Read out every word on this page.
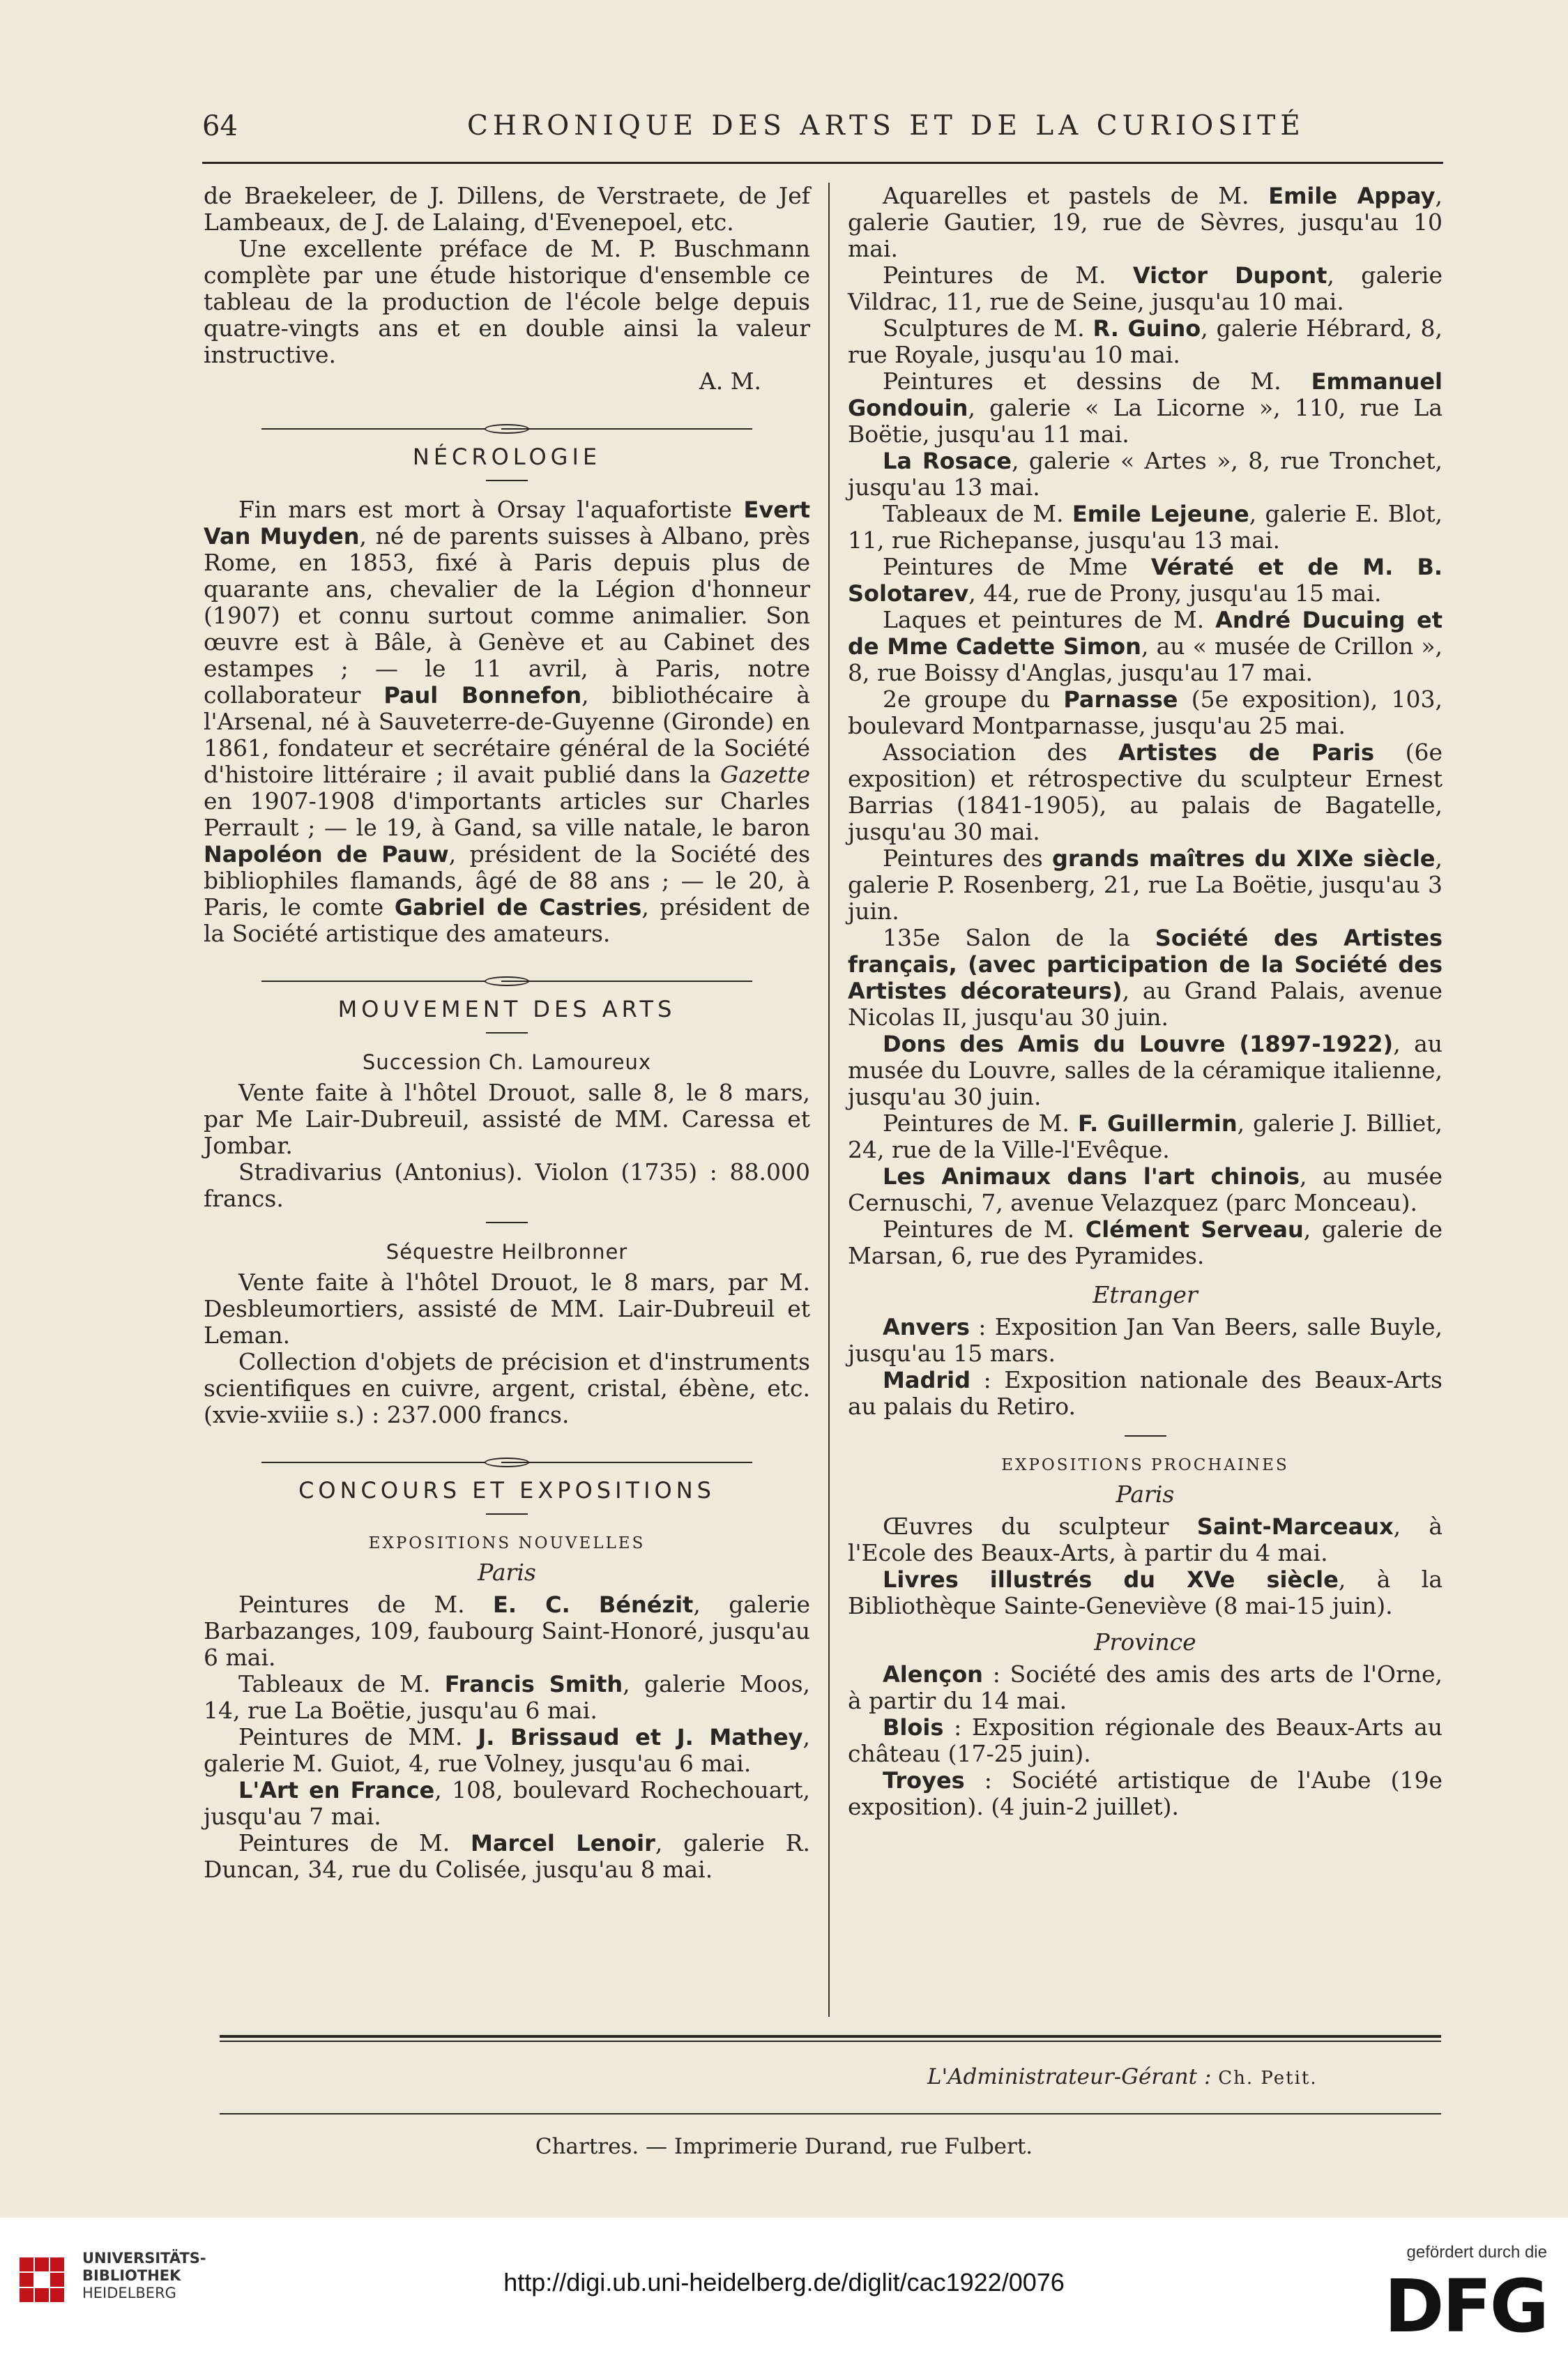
64	CHRONIQUE DES ARTS ET DE LA CURIOSITÉ

de Braekeleer, de J. Dillens, de Verstraete, de Jef Lambeaux, de J. de Lalaing, d'Evenepoel, etc.

Une excellente préface de M. P. Buschmann complète par une étude historique d'ensemble ce tableau de la production de l'école belge depuis quatre-vingts ans et en double ainsi la valeur instructive.

A. M.

NÉCROLOGIE

Fin mars est mort à Orsay l'aquafortiste Evert Van Muyden, né de parents suisses à Albano, près Rome, en 1853, fixé à Paris depuis plus de quarante ans, chevalier de la Légion d'honneur (1907) et connu surtout comme animalier. Son œuvre est à Bâle, à Genève et au Cabinet des estampes ; — le 11 avril, à Paris, notre collaborateur Paul Bonnefon, bibliothécaire à l'Arsenal, né à Sauveterre-de-Guyenne (Gironde) en 1861, fondateur et secrétaire général de la Société d'histoire littéraire ; il avait publié dans la Gazette en 1907-1908 d'importants articles sur Charles Perrault ; — le 19, à Gand, sa ville natale, le baron Napoléon de Pauw, président de la Société des bibliophiles flamands, âgé de 88 ans ; — le 20, à Paris, le comte Gabriel de Castries, président de la Société artistique des amateurs.

MOUVEMENT DES ARTS
Succession Ch. Lamoureux

Vente faite à l'hôtel Drouot, salle 8, le 8 mars, par Me Lair-Dubreuil, assisté de MM. Caressa et Jombar.

Stradivarius (Antonius). Violon (1735) : 88.000 francs.

Séquestre Heilbronner

Vente faite à l'hôtel Drouot, le 8 mars, par M. Desbleumortiers, assisté de MM. Lair-Dubreuil et Leman.

Collection d'objets de précision et d'instruments scientifiques en cuivre, argent, cristal, ébène, etc. (xvie-xviiie s.) : 237.000 francs.

CONCOURS ET EXPOSITIONS
EXPOSITIONS NOUVELLES
Paris

Peintures de M. E. C. Bénézit, galerie Barbazanges, 109, faubourg Saint-Honoré, jusqu'au 6 mai.

Tableaux de M. Francis Smith, galerie Moos, 14, rue La Boëtie, jusqu'au 6 mai.

Peintures de MM. J. Brissaud et J. Mathey, galerie M. Guiot, 4, rue Volney, jusqu'au 6 mai.

L'Art en France, 108, boulevard Rochechouart, jusqu'au 7 mai.

Peintures de M. Marcel Lenoir, galerie R. Duncan, 34, rue du Colisée, jusqu'au 8 mai.

Aquarelles et pastels de M. Emile Appay, galerie Gautier, 19, rue de Sèvres, jusqu'au 10 mai.

Peintures de M. Victor Dupont, galerie Vildrac, 11, rue de Seine, jusqu'au 10 mai.

Sculptures de M. R. Guino, galerie Hébrard, 8, rue Royale, jusqu'au 10 mai.

Peintures et dessins de M. Emmanuel Gondouin, galerie « La Licorne », 110, rue La Boëtie, jusqu'au 11 mai.

La Rosace, galerie « Artes », 8, rue Tronchet, jusqu'au 13 mai.

Tableaux de M. Emile Lejeune, galerie E. Blot, 11, rue Richepanse, jusqu'au 13 mai.

Peintures de Mme Vératé et de M. B. Solotarev, 44, rue de Prony, jusqu'au 15 mai.

Laques et peintures de M. André Ducuing et de Mme Cadette Simon, au « musée de Crillon », 8, rue Boissy d'Anglas, jusqu'au 17 mai.

2e groupe du Parnasse (5e exposition), 103, boulevard Montparnasse, jusqu'au 25 mai.

Association des Artistes de Paris (6e exposition) et rétrospective du sculpteur Ernest Barrias (1841-1905), au palais de Bagatelle, jusqu'au 30 mai.

Peintures des grands maîtres du XIXe siècle, galerie P. Rosenberg, 21, rue La Boëtie, jusqu'au 3 juin.

135e Salon de la Société des Artistes français, (avec participation de la Société des Artistes décorateurs), au Grand Palais, avenue Nicolas II, jusqu'au 30 juin.

Dons des Amis du Louvre (1897-1922), au musée du Louvre, salles de la céramique italienne, jusqu'au 30 juin.

Peintures de M. F. Guillermin, galerie J. Billiet, 24, rue de la Ville-l'Evêque.

Les Animaux dans l'art chinois, au musée Cernuschi, 7, avenue Velazquez (parc Monceau).

Peintures de M. Clément Serveau, galerie de Marsan, 6, rue des Pyramides.

Etranger

Anvers : Exposition Jan Van Beers, salle Buyle, jusqu'au 15 mars.

Madrid : Exposition nationale des Beaux-Arts au palais du Retiro.

EXPOSITIONS PROCHAINES
Paris

Œuvres du sculpteur Saint-Marceaux, à l'Ecole des Beaux-Arts, à partir du 4 mai.

Livres illustrés du XVe siècle, à la Bibliothèque Sainte-Geneviève (8 mai-15 juin).

Province

Alençon : Société des amis des arts de l'Orne, à partir du 14 mai.

Blois : Exposition régionale des Beaux-Arts au château (17-25 juin).

Troyes : Société artistique de l'Aube (19e exposition). (4 juin-2 juillet).

L'Administrateur-Gérant : Ch. Petit.
Chartres. — Imprimerie Durand, rue Fulbert.
UNIVERSITÄTS-
BIBLIOTHEK
HEIDELBERG	http://digi.ub.uni-heidelberg.de/diglit/cac1922/0076
gefördert durch die
DFG
